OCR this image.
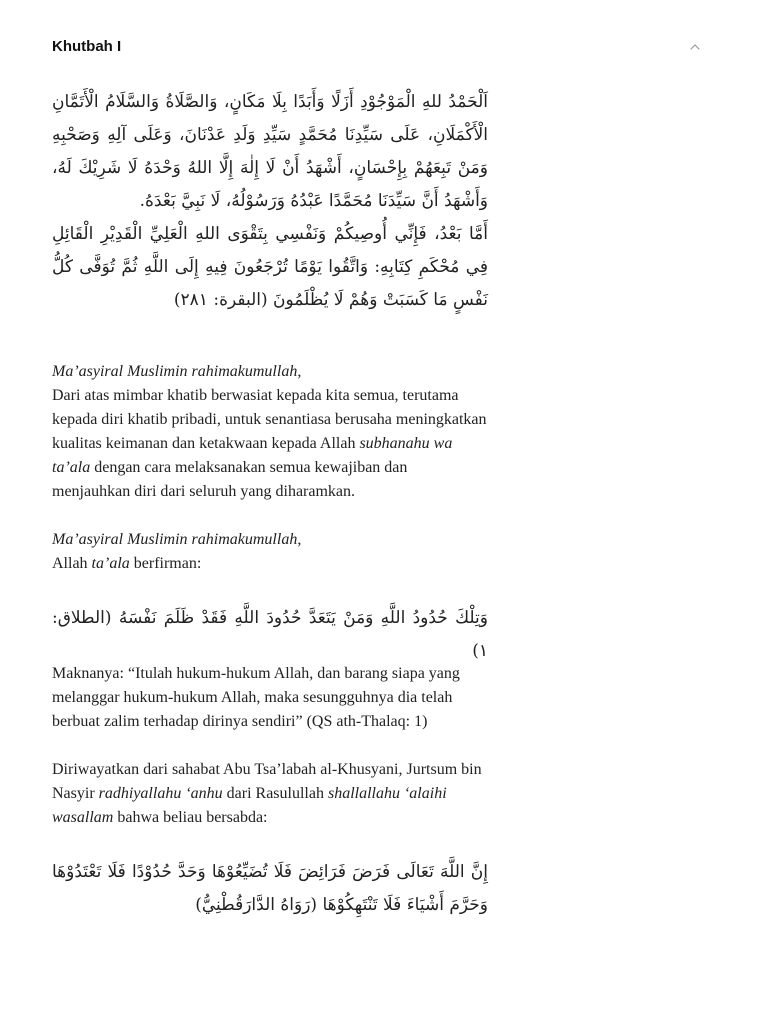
Khutbah I

اَلْحَمْدُ للهِ الْمَوْجُوْدِ أَزَلًا وَأَبَدًا بِلَا مَكَانٍ، وَالصَّلَاةُ وَالسَّلَامُ الْأَتَمَّانِ الْأَكْمَلَانِ، عَلَى سَيِّدِنَا مُحَمَّدٍ سَيِّدِ وَلَدِ عَدْنَانَ، وَعَلَى آلِهِ وَصَحْبِهِ وَمَنْ تَبِعَهُمْ بِإِحْسَانٍ، أَشْهَدُ أَنْ لَا إِلٰهَ إِلَّا اللهُ وَحْدَهُ لَا شَرِيْكَ لَهُ، وَأَشْهَدُ أَنَّ سَيِّدَنَا مُحَمَّدًا عَبْدُهُ وَرَسُوْلُهُ، لَا نَبِيَّ بَعْدَهُ.

أَمَّا بَعْدُ، فَإِنِّي أُوصِيكُمْ وَنَفْسِي بِتَقْوَى اللهِ الْعَلِيِّ الْقَدِيْرِ الْقَائِلِ فِي مُحْكَمِ كِتَابِهِ: وَاتَّقُوا يَوْمًا تُرْجَعُونَ فِيهِ إِلَى اللَّهِ ثُمَّ تُوَفَّى كُلُّ نَفْسٍ مَا كَسَبَتْ وَهُمْ لَا يُظْلَمُونَ (البقرة: ٢٨١)

Ma’asyiral Muslimin rahimakumullah,
Dari atas mimbar khatib berwasiat kepada kita semua, terutama kepada diri khatib pribadi, untuk senantiasa berusaha meningkatkan kualitas keimanan dan ketakwaan kepada Allah subhanahu wa ta’ala dengan cara melaksanakan semua kewajiban dan menjauhkan diri dari seluruh yang diharamkan.

Ma’asyiral Muslimin rahimakumullah,
Allah ta’ala berfirman:

وَتِلْكَ حُدُودُ اللَّهِ وَمَنْ يَتَعَدَّ حُدُودَ اللَّهِ فَقَدْ ظَلَمَ نَفْسَهُ (الطلاق: ١)

Maknanya: “Itulah hukum-hukum Allah, dan barang siapa yang melanggar hukum-hukum Allah, maka sesungguhnya dia telah berbuat zalim terhadap dirinya sendiri” (QS ath-Thalaq: 1)

Diriwayatkan dari sahabat Abu Tsa’labah al-Khusyani, Jurtsum bin Nasyir radhiyallahu ‘anhu dari Rasulullah shallallahu ‘alaihi wasallam bahwa beliau bersabda:

إِنَّ اللَّهَ تَعَالَى فَرَضَ فَرَائِضَ فَلَا تُضَيِّعُوْهَا وَحَدَّ حُدُوْدًا فَلَا تَعْتَدُوْهَا وَحَرَّمَ أَشْيَاءَ فَلَا تَنْتَهِكُوْهَا (رَوَاهُ الدَّارَقُطْنِيُّ)
